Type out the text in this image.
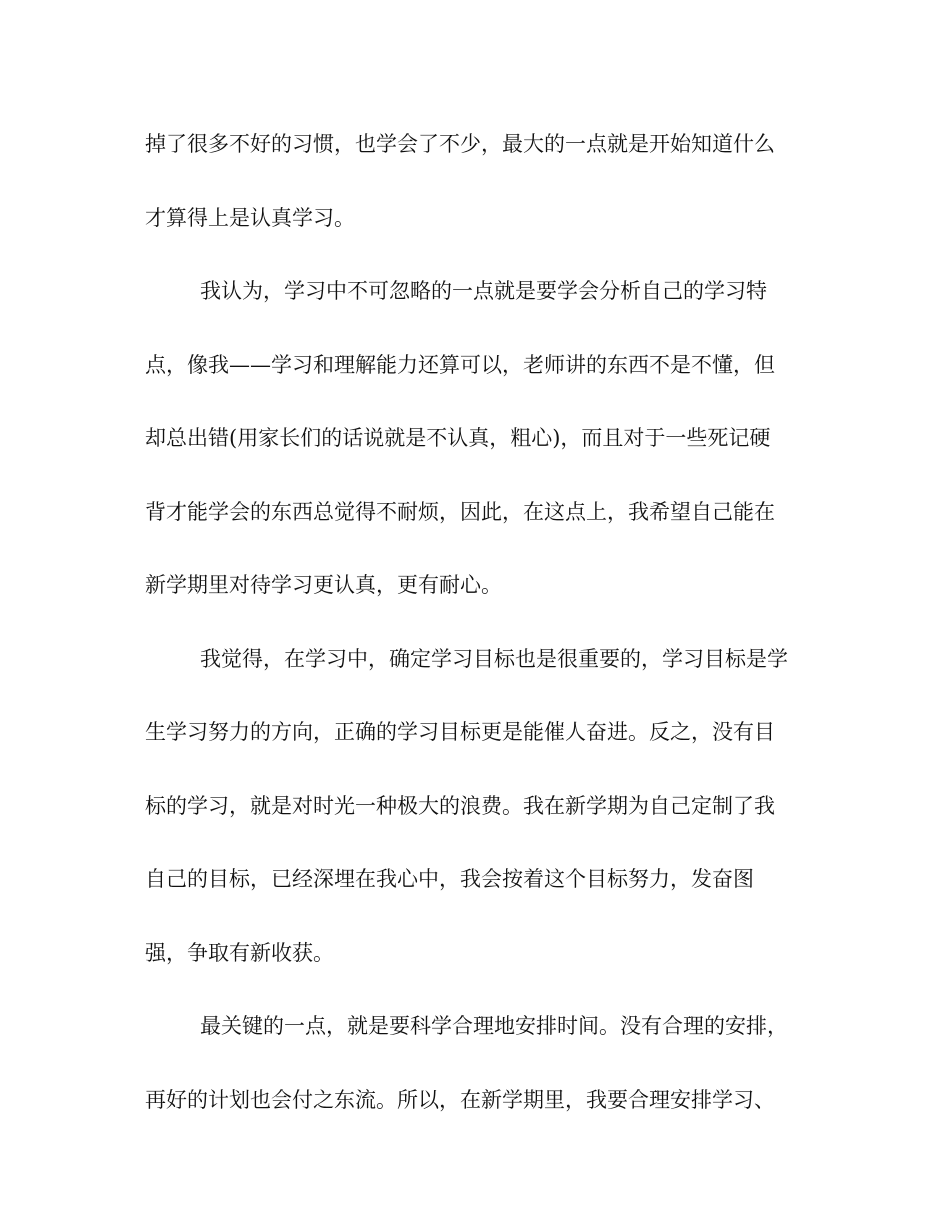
掉了很多不好的习惯，也学会了不少，最大的一点就是开始知道什么
才算得上是认真学习。
我认为，学习中不可忽略的一点就是要学会分析自己的学习特
点，像我——学习和理解能力还算可以，老师讲的东西不是不懂，但
却总出错(用家长们的话说就是不认真，粗心)，而且对于一些死记硬
背才能学会的东西总觉得不耐烦，因此，在这点上，我希望自己能在
新学期里对待学习更认真，更有耐心。
我觉得，在学习中，确定学习目标也是很重要的，学习目标是学
生学习努力的方向，正确的学习目标更是能催人奋进。反之，没有目
标的学习，就是对时光一种极大的浪费。我在新学期为自己定制了我
自己的目标，已经深埋在我心中，我会按着这个目标努力，发奋图
强，争取有新收获。
最关键的一点，就是要科学合理地安排时间。没有合理的安排，
再好的计划也会付之东流。所以，在新学期里，我要合理安排学习、
